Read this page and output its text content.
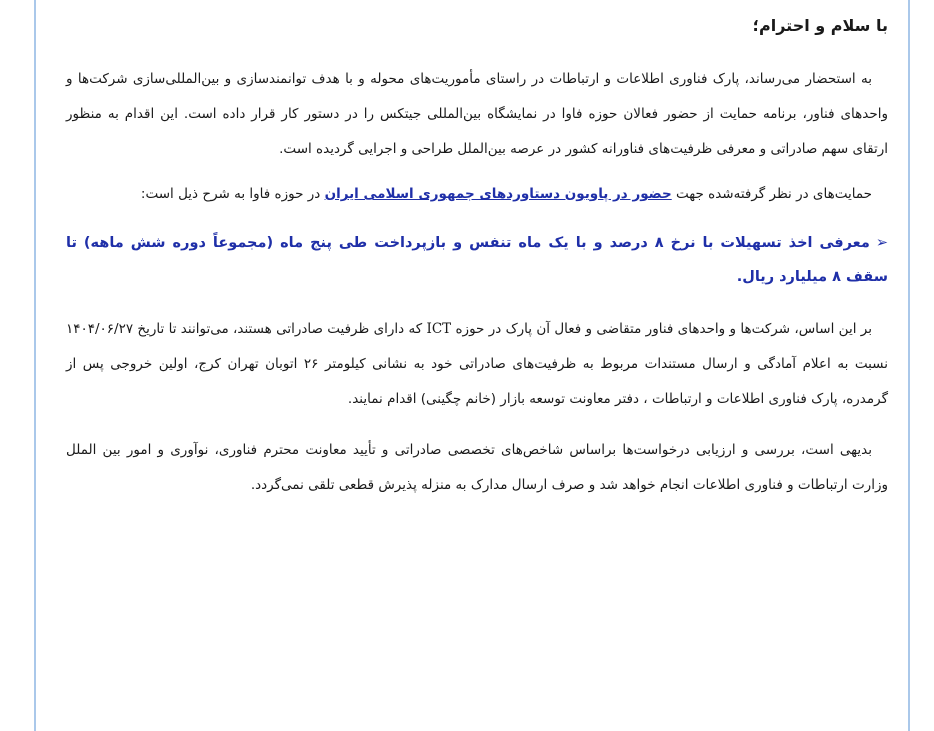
با سلام و احترام؛

به استحضار می‌رساند، پارک فناوری اطلاعات و ارتباطات در راستای مأموریت‌های محوله و با هدف توانمندسازی و بین‌المللی‌سازی شرکت‌ها و واحدهای فناور، برنامه حمایت از حضور فعالان حوزه فاوا در نمایشگاه بین‌المللی جیتکس را در دستور کار قرار داده است. این اقدام به منظور ارتقای سهم صادراتی و معرفی ظرفیت‌های فناورانه کشور در عرصه بین‌الملل طراحی و اجرایی گردیده است.

حمایت‌های در نظر گرفته‌شده جهت حضور در پاویون دستاوردهای جمهوری اسلامی ایران در حوزه فاوا به شرح ذیل است:

➢معرفی اخذ تسهیلات با نرخ ۸ درصد و با یک ماه تنفس و بازپرداخت طی پنج ماه (مجموعاً دوره شش ماهه) تا سقف ۸ میلیارد ریال.

بر این اساس، شرکت‌ها و واحدهای فناور متقاضی و فعال آن پارک در حوزه ICT که دارای ظرفیت صادراتی هستند، می‌توانند تا تاریخ ۱۴۰۴/۰۶/۲۷ نسبت به اعلام آمادگی و ارسال مستندات مربوط به ظرفیت‌های صادراتی خود به نشانی کیلومتر ۲۶ اتوبان تهران کرج، اولین خروجی پس از گرمدره، پارک فناوری اطلاعات و ارتباطات ، دفتر معاونت توسعه بازار (خانم چگینی) اقدام نمایند.

بدیهی است، بررسی و ارزیابی درخواست‌ها براساس شاخص‌های تخصصی صادراتی و تأیید معاونت محترم فناوری، نوآوری و امور بین الملل وزارت ارتباطات و فناوری اطلاعات انجام خواهد شد و صرف ارسال مدارک به منزله پذیرش قطعی تلقی نمی‌گردد.
